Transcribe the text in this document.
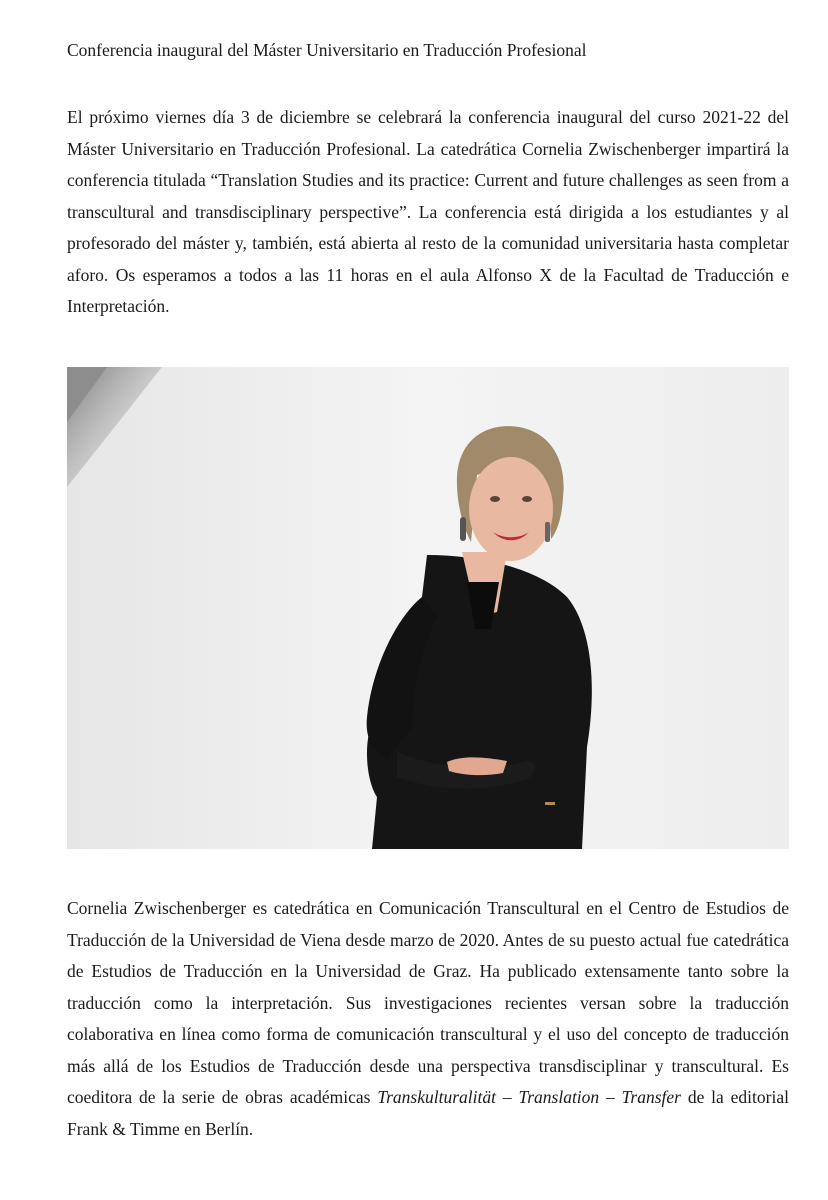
Conferencia inaugural del Máster Universitario en Traducción Profesional

El próximo viernes día 3 de diciembre se celebrará la conferencia inaugural del curso 2021-22 del Máster Universitario en Traducción Profesional. La catedrática Cornelia Zwischenberger impartirá la conferencia titulada “Translation Studies and its practice: Current and future challenges as seen from a transcultural and transdisciplinary perspective”. La conferencia está dirigida a los estudiantes y al profesorado del máster y, también, está abierta al resto de la comunidad universitaria hasta completar aforo. Os esperamos a todos a las 11 horas en el aula Alfonso X de la Facultad de Traducción e Interpretación.

Cornelia Zwischenberger es catedrática en Comunicación Transcultural en el Centro de Estudios de Traducción de la Universidad de Viena desde marzo de 2020. Antes de su puesto actual fue catedrática de Estudios de Traducción en la Universidad de Graz. Ha publicado extensamente tanto sobre la traducción como la interpretación. Sus investigaciones recientes versan sobre la traducción colaborativa en línea como forma de comunicación transcultural y el uso del concepto de traducción más allá de los Estudios de Traducción desde una perspectiva transdisciplinar y transcultural. Es coeditora de la serie de obras académicas Transkulturalität – Translation – Transfer de la editorial Frank & Timme en Berlín.
